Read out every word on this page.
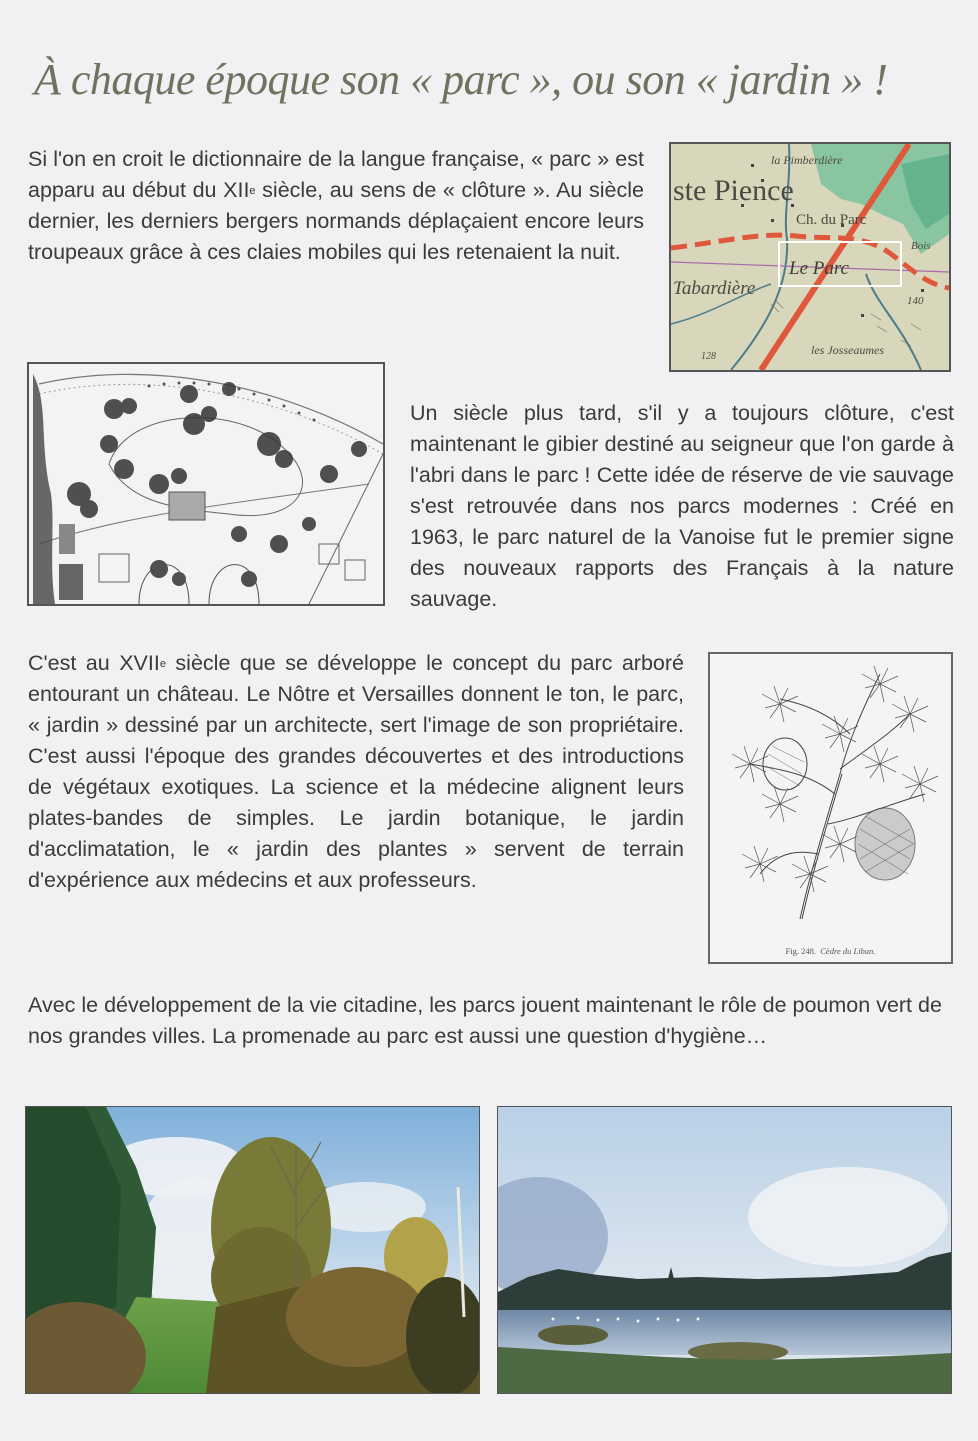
À chaque époque son « parc », ou son « jardin » !

Si l'on en croit le dictionnaire de la langue française, « parc » est apparu au début du XIIe siècle, au sens de « clôture ». Au siècle dernier, les derniers bergers normands déplaçaient encore leurs troupeaux grâce à ces claies mobiles qui les retenaient la nuit.

ste Pience
la Pimberdière
Ch. du Parc
Le Parc
Tabardière
les Josseaumes
140
128
Bois

Un siècle plus tard, s'il y a toujours clôture, c'est maintenant le gibier destiné au seigneur que l'on garde à l'abri dans le parc ! Cette idée de réserve de vie sauvage s'est retrouvée dans nos parcs modernes : Créé en 1963, le parc naturel de la Vanoise fut le premier signe des nouveaux rapports des Français à la nature sauvage.

C'est au XVIIe siècle que se développe le concept du parc arboré entourant un château. Le Nôtre et Versailles donnent le ton, le parc, « jardin » dessiné par un architecte, sert l'image de son propriétaire. C'est aussi l'époque des grandes découvertes et des introductions de végétaux exotiques. La science et la médecine alignent leurs plates-bandes de simples. Le jardin botanique, le jardin d'acclimatation, le « jardin des plantes » servent de terrain d'expérience aux médecins et aux professeurs.

Fig. 248. Cèdre du Liban.

Avec le développement de la vie citadine, les parcs jouent maintenant le rôle de poumon vert de nos grandes villes. La promenade au parc est aussi une question d'hygiène…
